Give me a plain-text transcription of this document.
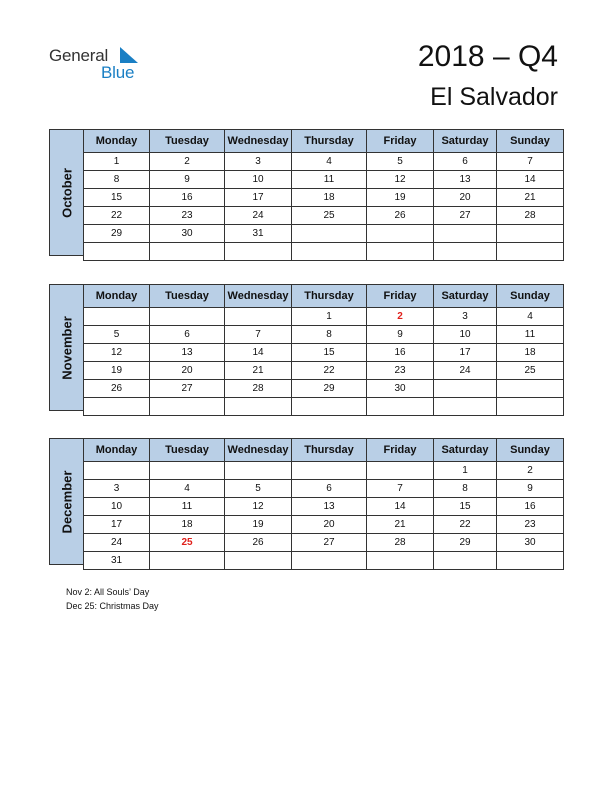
General
Blue	2018 – Q4
El Salvador
October
Monday	Tuesday	Wednesday	Thursday	Friday	Saturday	Sunday
1	2	3	4	5	6	7
8	9	10	11	12	13	14
15	16	17	18	19	20	21
22	23	24	25	26	27	28
29	30	31				

November
Monday	Tuesday	Wednesday	Thursday	Friday	Saturday	Sunday
			1	2	3	4
5	6	7	8	9	10	11
12	13	14	15	16	17	18
19	20	21	22	23	24	25
26	27	28	29	30		

December
Monday	Tuesday	Wednesday	Thursday	Friday	Saturday	Sunday
					1	2
3	4	5	6	7	8	9
10	11	12	13	14	15	16
17	18	19	20	21	22	23
24	25	26	27	28	29	30
31						
Nov 2: All Souls’ Day
Dec 25: Christmas Day
